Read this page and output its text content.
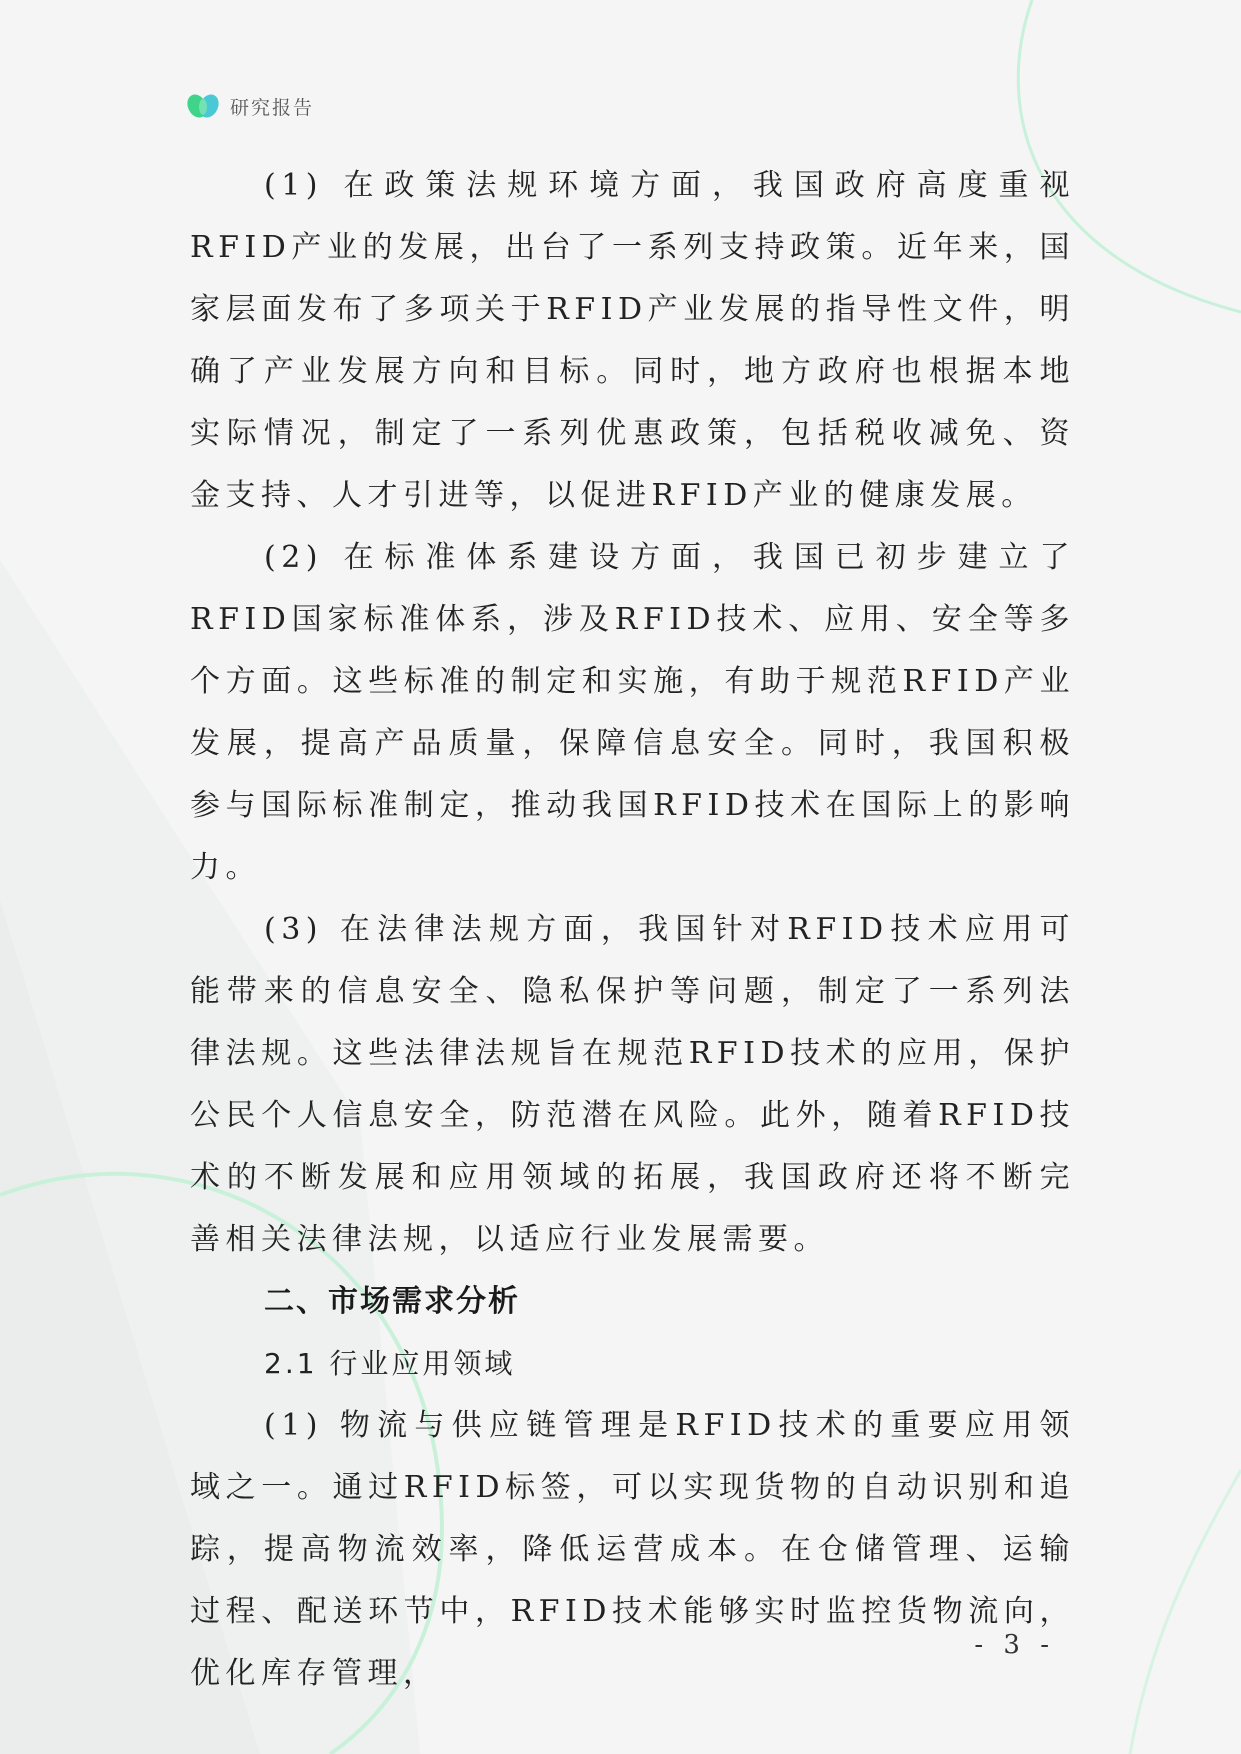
研究报告

(1) 在政策法规环境方面，我国政府高度重视RFID产业的发展，出台了一系列支持政策。近年来，国家层面发布了多项关于RFID产业发展的指导性文件，明确了产业发展方向和目标。同时，地方政府也根据本地实际情况，制定了一系列优惠政策，包括税收减免、资金支持、人才引进等，以促进RFID产业的健康发展。

(2) 在标准体系建设方面，我国已初步建立了RFID国家标准体系，涉及RFID技术、应用、安全等多个方面。这些标准的制定和实施，有助于规范RFID产业发展，提高产品质量，保障信息安全。同时，我国积极参与国际标准制定，推动我国RFID技术在国际上的影响力。

(3) 在法律法规方面，我国针对RFID技术应用可能带来的信息安全、隐私保护等问题，制定了一系列法律法规。这些法律法规旨在规范RFID技术的应用，保护公民个人信息安全，防范潜在风险。此外，随着RFID技术的不断发展和应用领域的拓展，我国政府还将不断完善相关法律法规，以适应行业发展需要。

二、市场需求分析

2.1 行业应用领域

(1) 物流与供应链管理是RFID技术的重要应用领域之一。通过RFID标签，可以实现货物的自动识别和追踪，提高物流效率，降低运营成本。在仓储管理、运输过程、配送环节中，RFID技术能够实时监控货物流向，优化库存管理，

- 3 -
